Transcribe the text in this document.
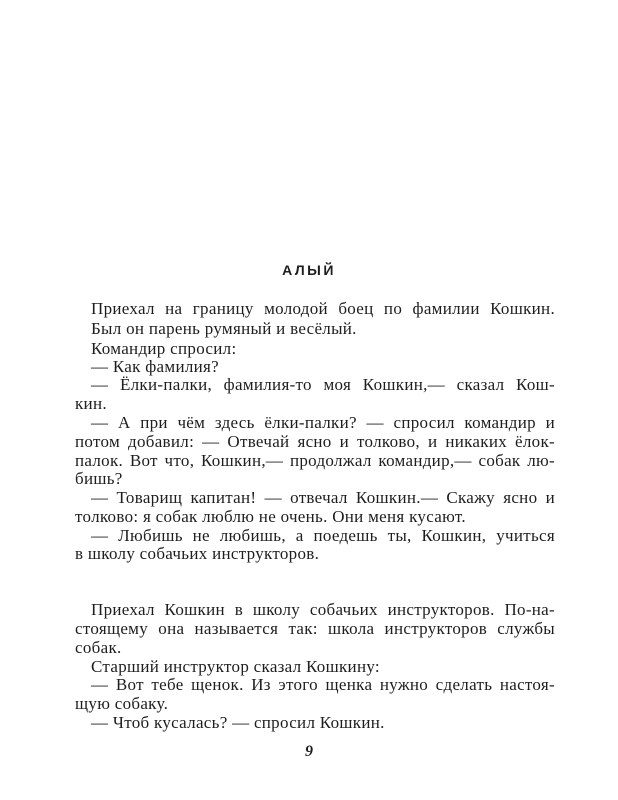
АЛЫЙ
Приехал на границу молодой боец по фамилии Кошкин.
Был он парень румяный и весёлый.
Командир спросил:
— Как фамилия?
— Ёлки-палки, фамилия-то моя Кошкин,— сказал Кош-
кин.
— А при чём здесь ёлки-палки? — спросил командир и
потом добавил: — Отвечай ясно и толково, и никаких ёлок-
палок. Вот что, Кошкин,— продолжал командир,— собак лю-
бишь?
— Товарищ капитан! — отвечал Кошкин.— Скажу ясно и
толково: я собак люблю не очень. Они меня кусают.
— Любишь не любишь, а поедешь ты, Кошкин, учиться
в школу собачьих инструкторов.
Приехал Кошкин в школу собачьих инструкторов. По-на-
стоящему она называется так: школа инструкторов службы
собак.
Старший инструктор сказал Кошкину:
— Вот тебе щенок. Из этого щенка нужно сделать настоя-
щую собаку.
— Чтоб кусалась? — спросил Кошкин.
9
